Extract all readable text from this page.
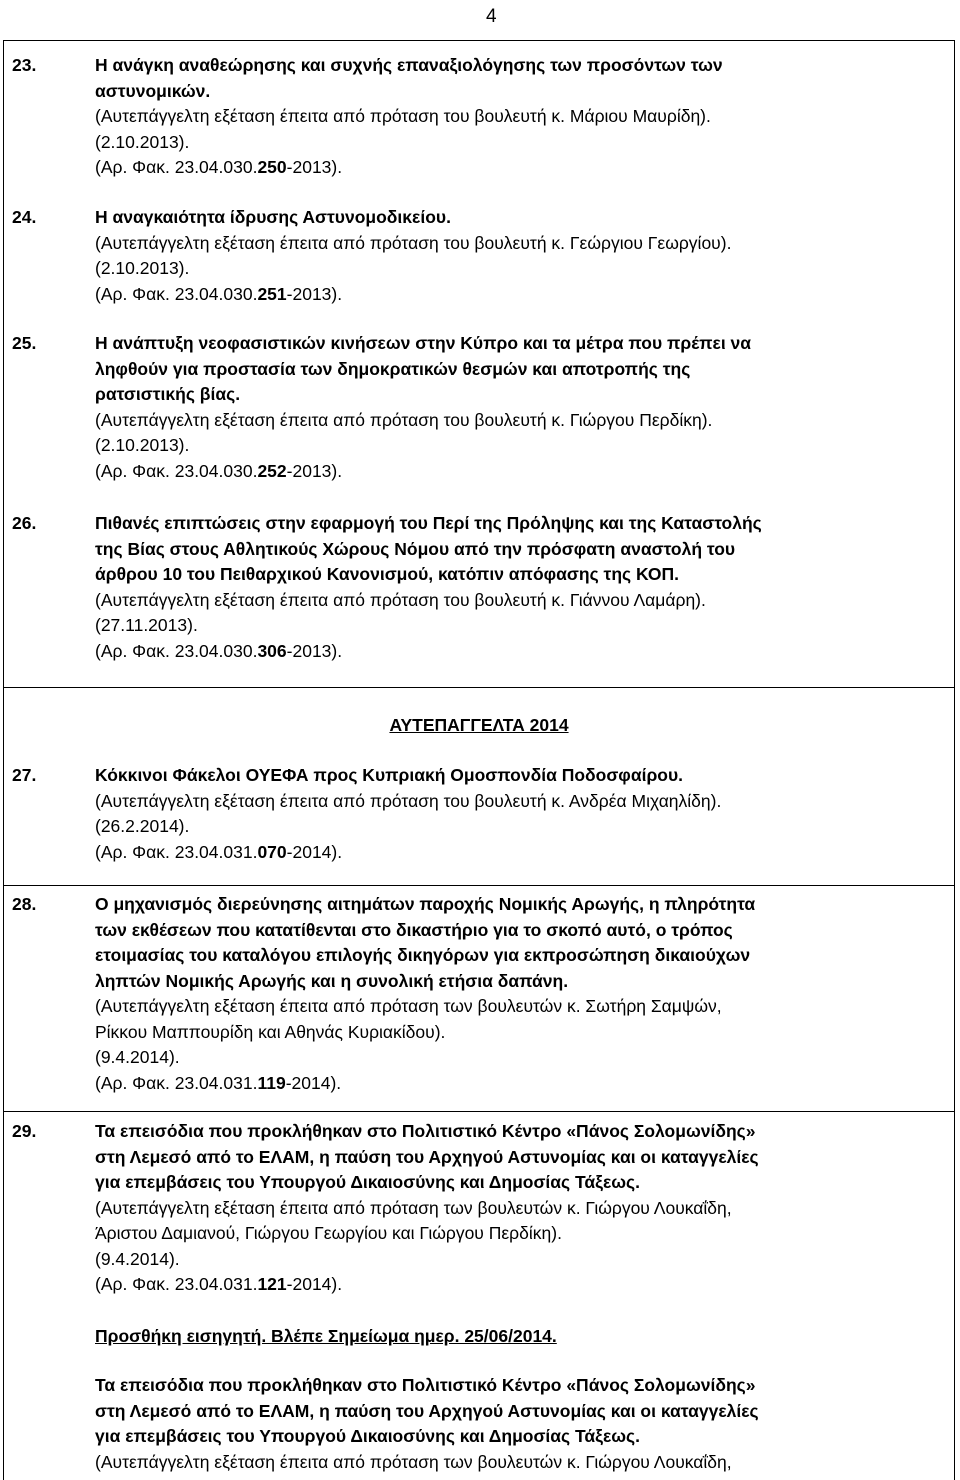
4
23.	Η ανάγκη αναθεώρησης και συχνής επαναξιολόγησης των προσόντων των
αστυνομικών.
(Αυτεπάγγελτη εξέταση έπειτα από πρόταση του βουλευτή κ. Μάριου Μαυρίδη).
(2.10.2013).
(Αρ. Φακ. 23.04.030.250-2013).
24.	Η αναγκαιότητα ίδρυσης Αστυνομοδικείου.
(Αυτεπάγγελτη εξέταση έπειτα από πρόταση του βουλευτή κ. Γεώργιου Γεωργίου).
(2.10.2013).
(Αρ. Φακ. 23.04.030.251-2013).
25.	Η ανάπτυξη νεοφασιστικών κινήσεων στην Κύπρο και τα μέτρα που πρέπει να
ληφθούν για προστασία των δημοκρατικών θεσμών και αποτροπής της
ρατσιστικής βίας.
(Αυτεπάγγελτη εξέταση έπειτα από πρόταση του βουλευτή κ. Γιώργου Περδίκη).
(2.10.2013).
(Αρ. Φακ. 23.04.030.252-2013).
26.	Πιθανές επιπτώσεις στην εφαρμογή του Περί της Πρόληψης και της Καταστολής
της Βίας στους Αθλητικούς Χώρους Νόμου από την πρόσφατη αναστολή του
άρθρου 10 του Πειθαρχικού Κανονισμού, κατόπιν απόφασης της ΚΟΠ.
(Αυτεπάγγελτη εξέταση έπειτα από πρόταση του βουλευτή κ. Γιάννου Λαμάρη).
(27.11.2013).
(Αρ. Φακ. 23.04.030.306-2013).
ΑΥΤΕΠΑΓΓΕΛΤΑ 2014
27.	Κόκκινοι Φάκελοι ΟΥΕΦΑ προς Κυπριακή Ομοσπονδία Ποδοσφαίρου.
(Αυτεπάγγελτη εξέταση έπειτα από πρόταση του βουλευτή κ. Ανδρέα Μιχαηλίδη).
(26.2.2014).
(Αρ. Φακ. 23.04.031.070-2014).
28.	Ο μηχανισμός διερεύνησης αιτημάτων παροχής Νομικής Αρωγής, η πληρότητα
των εκθέσεων που κατατίθενται στο δικαστήριο για το σκοπό αυτό, ο τρόπος
ετοιμασίας του καταλόγου επιλογής δικηγόρων για εκπροσώπηση δικαιούχων
ληπτών Νομικής Αρωγής και η συνολική ετήσια δαπάνη.
(Αυτεπάγγελτη εξέταση έπειτα από πρόταση των βουλευτών κ. Σωτήρη Σαμψών,
Ρίκκου Μαππουρίδη και Αθηνάς Κυριακίδου).
(9.4.2014).
(Αρ. Φακ. 23.04.031.119-2014).
29.	Τα επεισόδια που προκλήθηκαν στο Πολιτιστικό Κέντρο «Πάνος Σολομωνίδης»
στη Λεμεσό από το ΕΛΑΜ, η παύση του Αρχηγού Αστυνομίας και οι καταγγελίες
για επεμβάσεις του Υπουργού Δικαιοσύνης και Δημοσίας Τάξεως.
(Αυτεπάγγελτη εξέταση έπειτα από πρόταση των βουλευτών κ. Γιώργου Λουκαΐδη,
Άριστου Δαμιανού, Γιώργου Γεωργίου και Γιώργου Περδίκη).
(9.4.2014).
(Αρ. Φακ. 23.04.031.121-2014).
Προσθήκη εισηγητή. Βλέπε Σημείωμα ημερ. 25/06/2014.
Τα επεισόδια που προκλήθηκαν στο Πολιτιστικό Κέντρο «Πάνος Σολομωνίδης»
στη Λεμεσό από το ΕΛΑΜ, η παύση του Αρχηγού Αστυνομίας και οι καταγγελίες
για επεμβάσεις του Υπουργού Δικαιοσύνης και Δημοσίας Τάξεως.
(Αυτεπάγγελτη εξέταση έπειτα από πρόταση των βουλευτών κ. Γιώργου Λουκαΐδη,
